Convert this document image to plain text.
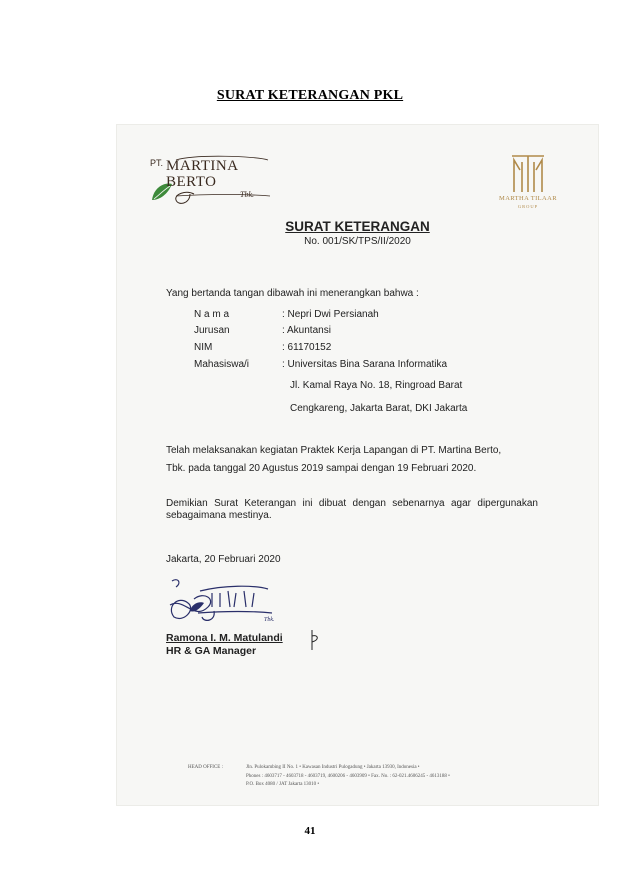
SURAT KETERANGAN PKL
PT. MARTINA BERTO
Tbk.	MARTHA TILAAR
GROUP
SURAT KETERANGAN
No. 001/SK/TPS/II/2020
Yang bertanda tangan dibawah ini menerangkan bahwa :
N a m a	: Nepri Dwi Persianah
Jurusan	: Akuntansi
NIM	: 61170152
Mahasiswa/i	: Universitas Bina Sarana Informatika
Jl. Kamal Raya No. 18, Ringroad Barat
Cengkareng, Jakarta Barat, DKI Jakarta
Telah melaksanakan kegiatan Praktek Kerja Lapangan di PT. Martina Berto,
Tbk. pada tanggal 20 Agustus 2019 sampai dengan 19 Februari 2020.
Demikian Surat Keterangan ini dibuat dengan sebenarnya agar dipergunakan sebagaimana mestinya.
Jakarta, 20 Februari 2020
Tbk.
Ramona I. M. Matulandi
HR & GA Manager
HEAD OFFICE :	Jln. Pulokambing II No. 1 • Kawasan Industri Pulogadung • Jakarta 13930, Indonesia •
Phones : 4603717 - 4603718 - 4603719, 4600206 - 4603909 • Fax. No. : 62-021.4606245 - 4613188 •
P.O. Box 4080 / JAT Jakarta 13010 •
41
